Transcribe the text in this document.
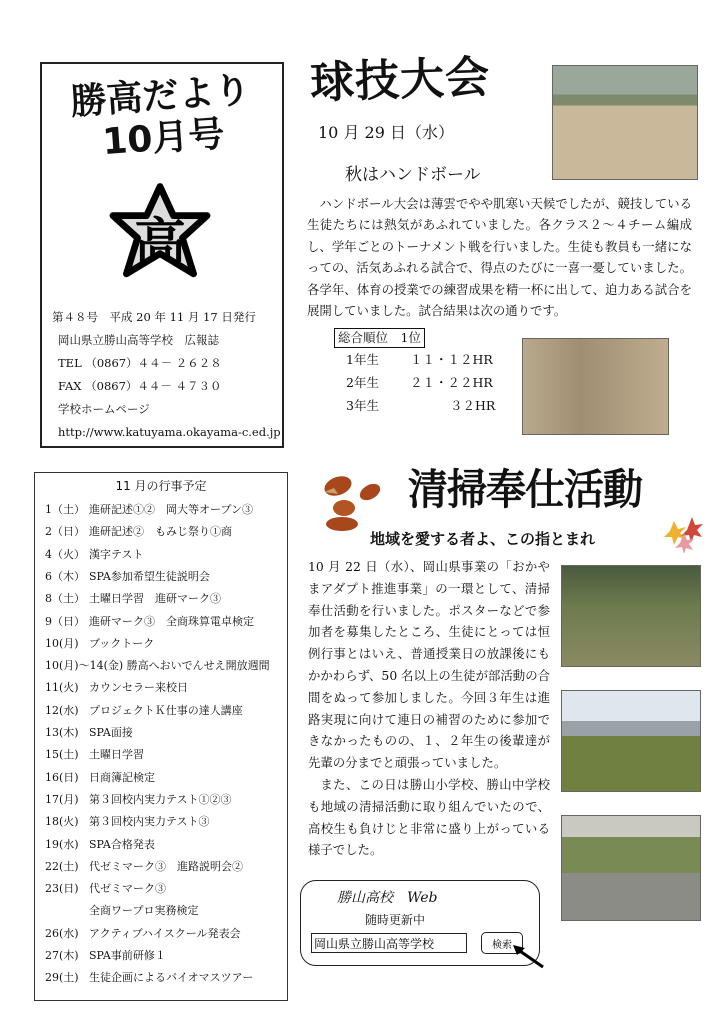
勝高だより
10月号
高
第４８号　平成 20 年 11 月 17 日発行
岡山県立勝山高等学校　広報誌
TEL （0867）４４－ ２６２８
FAX （0867）４４－ ４７３０
学校ホームページ
http://www.katuyama.okayama-c.ed.jp
球技大会
10 月 29 日（水）
秋はハンドボール
ハンドボール大会は薄雲でやや肌寒い天候でしたが、競技している生徒たちには熱気があふれていました。各クラス２～４チーム編成し、学年ごとのトーナメント戦を行いました。生徒も教員も一緒になっての、活気あふれる試合で、得点のたびに一喜一憂していました。各学年、体育の授業での練習成果を精一杯に出して、迫力ある試合を展開していました。試合結果は次の通りです。
総合順位　1位
1年生 １１・１２HR
2年生 ２１・２２HR
3年生	３２HR
11 月の行事予定
1（土） 進研記述①②　岡大等オープン③
2（日） 進研記述②　もみじ祭り①商
4（火） 漢字テスト
6（木） SPA参加希望生徒説明会
8（土） 土曜日学習　進研マーク③
9（日） 進研マーク③　全商珠算電卓検定
10(月) ブックトーク
10(月)～14(金) 勝高へおいでんせえ開放週間
11(火) カウンセラー来校日
12(水) プロジェクトＫ仕事の達人講座
13(木) SPA面接
15(土) 土曜日学習
16(日) 日商簿記検定
17(月) 第３回校内実力テスト①②③
18(火) 第３回校内実力テスト③
19(水) SPA合格発表
22(土) 代ゼミマーク③　進路説明会②
23(日) 代ゼミマーク③
全商ワープロ実務検定
26(水) アクティブハイスクール発表会
27(木) SPA事前研修１
29(土) 生徒企画によるバイオマスツアー
清掃奉仕活動
地域を愛する者よ、この指とまれ

10 月 22 日（水）、岡山県事業の「おかやまアダプト推進事業」の一環として、清掃奉仕活動を行いました。ポスターなどで参加者を募集したところ、生徒にとっては恒例行事とはいえ、普通授業日の放課後にもかかわらず、50 名以上の生徒が部活動の合間をぬって参加しました。今回３年生は進路実現に向けて連日の補習のために参加できなかったものの、１、２年生の後輩達が先輩の分までと頑張っていました。

また、この日は勝山小学校、勝山中学校も地域の清掃活動に取り組んでいたので、高校生も負けじと非常に盛り上がっている様子でした。

勝山高校　Web
随時更新中
岡山県立勝山高等学校
検索
